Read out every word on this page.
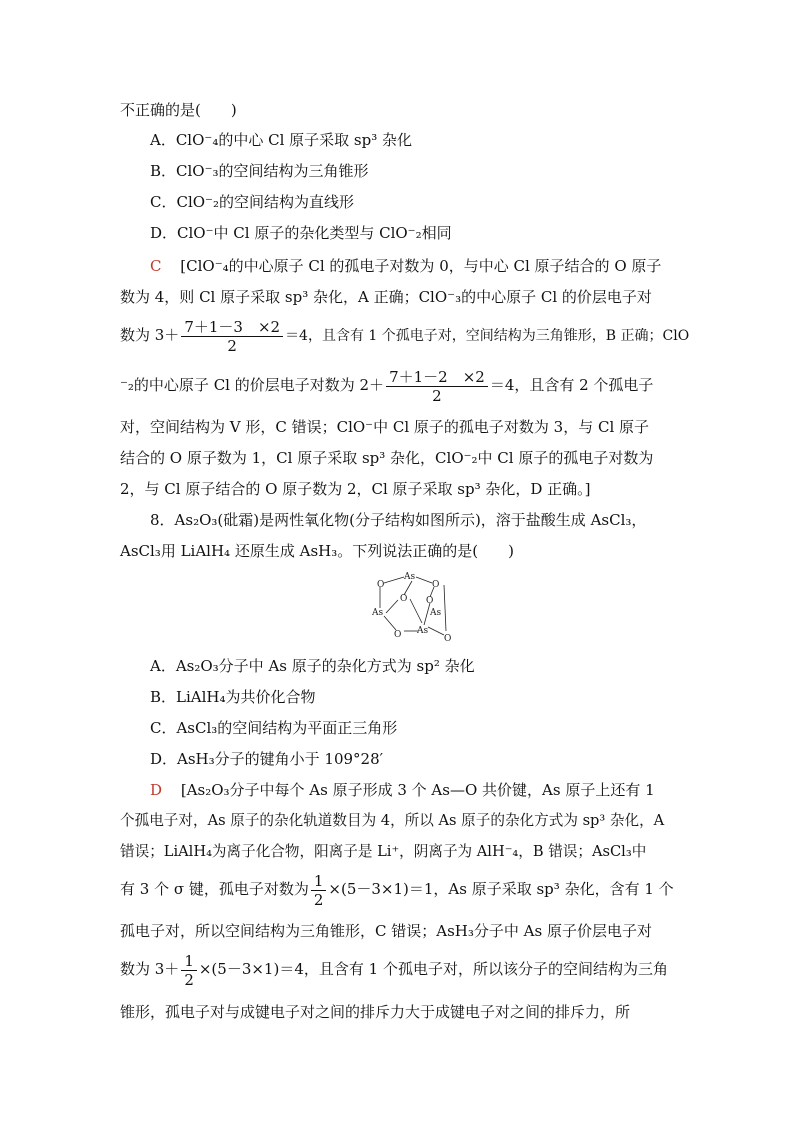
不正确的是(　　)
A．ClO⁻₄的中心 Cl 原子采取 sp³ 杂化
B．ClO⁻₃的空间结构为三角锥形
C．ClO⁻₂的空间结构为直线形
D．ClO⁻中 Cl 原子的杂化类型与 ClO⁻₂相同
C [ClO⁻₄的中心原子 Cl 的孤电子对数为 0，与中心 Cl 原子结合的 O 原子
数为 4，则 Cl 原子采取 sp³ 杂化，A 正确；ClO⁻₃的中心原子 Cl 的价层电子对
数为 $3+ \frac{7+1-3 \times 2}{2} =4$，且含有 1 个孤电子对，空间结构为三角锥形，B 正确；ClO
⁻₂的中心原子 Cl 的价层电子对数为 $2+ \frac{7+1-2 \times 2}{2} =4$，且含有 2 个孤电子
对，空间结构为 V 形，C 错误；ClO⁻中 Cl 原子的孤电子对数为 3，与 Cl 原子
结合的 O 原子数为 1，Cl 原子采取 sp³ 杂化，ClO⁻₂中 Cl 原子的孤电子对数为
2，与 Cl 原子结合的 O 原子数为 2，Cl 原子采取 sp³ 杂化，D 正确。]
8．As₂O₃(砒霜)是两性氧化物(分子结构如图所示)，溶于盐酸生成 AsCl₃，
AsCl₃用 LiAlH₄ 还原生成 AsH₃。下列说法正确的是(　　)
O
As
O
O
As
O
As
O As
O
A．As₂O₃分子中 As 原子的杂化方式为 sp² 杂化
B．LiAlH₄为共价化合物
C．AsCl₃的空间结构为平面正三角形
D．AsH₃分子的键角小于 109°28′
D [As₂O₃分子中每个 As 原子形成 3 个 As—O 共价键，As 原子上还有 1
个孤电子对，As 原子的杂化轨道数目为 4，所以 As 原子的杂化方式为 sp³ 杂化，A
错误；LiAlH₄为离子化合物，阳离子是 Li⁺，阴离子为 AlH⁻₄，B 错误；AsCl₃中
有 3 个 σ 键，孤电子对数为 $\frac{1}{2} \times(5-3\times 1)=1$，As 原子采取 sp³ 杂化，含有 1 个
孤电子对，所以空间结构为三角锥形，C 错误；AsH₃分子中 As 原子价层电子对
数为 $3+ \frac{1}{2} \times(5-3\times 1)=4$，且含有 1 个孤电子对，所以该分子的空间结构为三角
锥形，孤电子对与成键电子对之间的排斥力大于成键电子对之间的排斥力，所
